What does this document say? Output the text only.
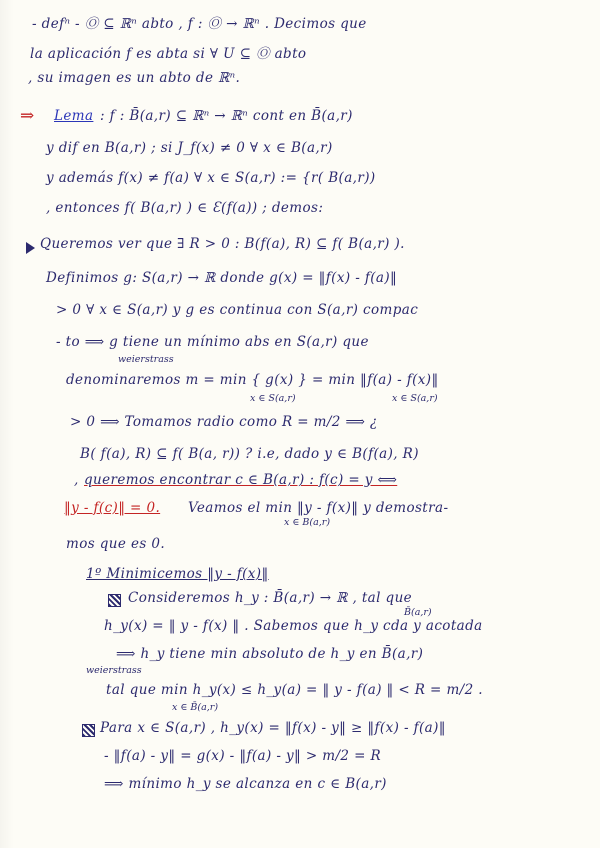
- defⁿ - Ⓞ ⊆ ℝⁿ abto , f : Ⓞ → ℝⁿ . Decimos que
la aplicación f es abta si ∀ U ⊆ Ⓞ abto
, su imagen es un abto de ℝⁿ.
⇒ Lema : f : B̄(a,r) ⊆ ℝⁿ → ℝⁿ cont en B̄(a,r)
y dif en B(a,r) ; si J_f(x) ≠ 0 ∀ x ∈ B(a,r)
y además f(x) ≠ f(a) ∀ x ∈ S(a,r) := {r( B(a,r))
, entonces f( B(a,r) ) ∈ Ɛ(f(a)) ; demos:
Queremos ver que ∃ R > 0 : B(f(a), R) ⊆ f( B(a,r) ).
Definimos g: S(a,r) → ℝ donde g(x) = ‖f(x) - f(a)‖
> 0 ∀ x ∈ S(a,r) y g es continua con S(a,r) compac
- to ⟹ g tiene un mínimo abs en S(a,r) que
weierstrass
denominaremos m = min { g(x) } = min ‖f(a) - f(x)‖
x ∈ S(a,r)	x ∈ S(a,r)
> 0 ⟹ Tomamos radio como R = m/2 ⟹ ¿
B( f(a), R) ⊆ f( B(a, r)) ? i.e, dado y ∈ B(f(a), R)
, queremos encontrar c ∈ B(a,r) : f(c) = y ⟺
‖y - f(c)‖ = 0. Veamos el min ‖y - f(x)‖ y demostra-
x ∈ B(a,r)
mos que es 0.
1º Minimicemos ‖y - f(x)‖
Consideremos h_y : B̄(a,r) → ℝ , tal que
B̄(a,r)
h_y(x) = ‖ y - f(x) ‖ . Sabemos que h_y cda y acotada
⟹ h_y tiene min absoluto de h_y en B̄(a,r)
weierstrass
tal que min h_y(x) ≤ h_y(a) = ‖ y - f(a) ‖ < R = m/2 .
x ∈ B̄(a,r)
Para x ∈ S(a,r) , h_y(x) = ‖f(x) - y‖ ≥ ‖f(x) - f(a)‖
- ‖f(a) - y‖ = g(x) - ‖f(a) - y‖ > m/2 = R
⟹ mínimo h_y se alcanza en c ∈ B(a,r)
